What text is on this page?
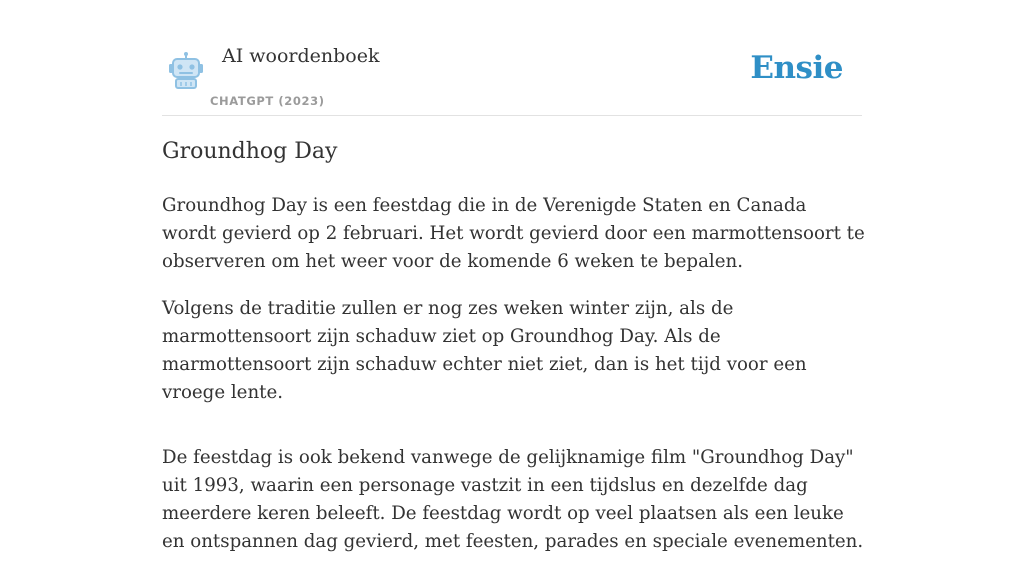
AI woordenboek
CHATGPT (2023)
Ensie
Groundhog Day

Groundhog Day is een feestdag die in de Verenigde Staten en Canada wordt gevierd op 2 februari. Het wordt gevierd door een marmottensoort te observeren om het weer voor de komende 6 weken te bepalen.

Volgens de traditie zullen er nog zes weken winter zijn, als de marmottensoort zijn schaduw ziet op Groundhog Day. Als de marmottensoort zijn schaduw echter niet ziet, dan is het tijd voor een vroege lente.

De feestdag is ook bekend vanwege de gelijknamige film "Groundhog Day" uit 1993, waarin een personage vastzit in een tijdslus en dezelfde dag meerdere keren beleeft. De feestdag wordt op veel plaatsen als een leuke en ontspannen dag gevierd, met feesten, parades en speciale evenementen.
